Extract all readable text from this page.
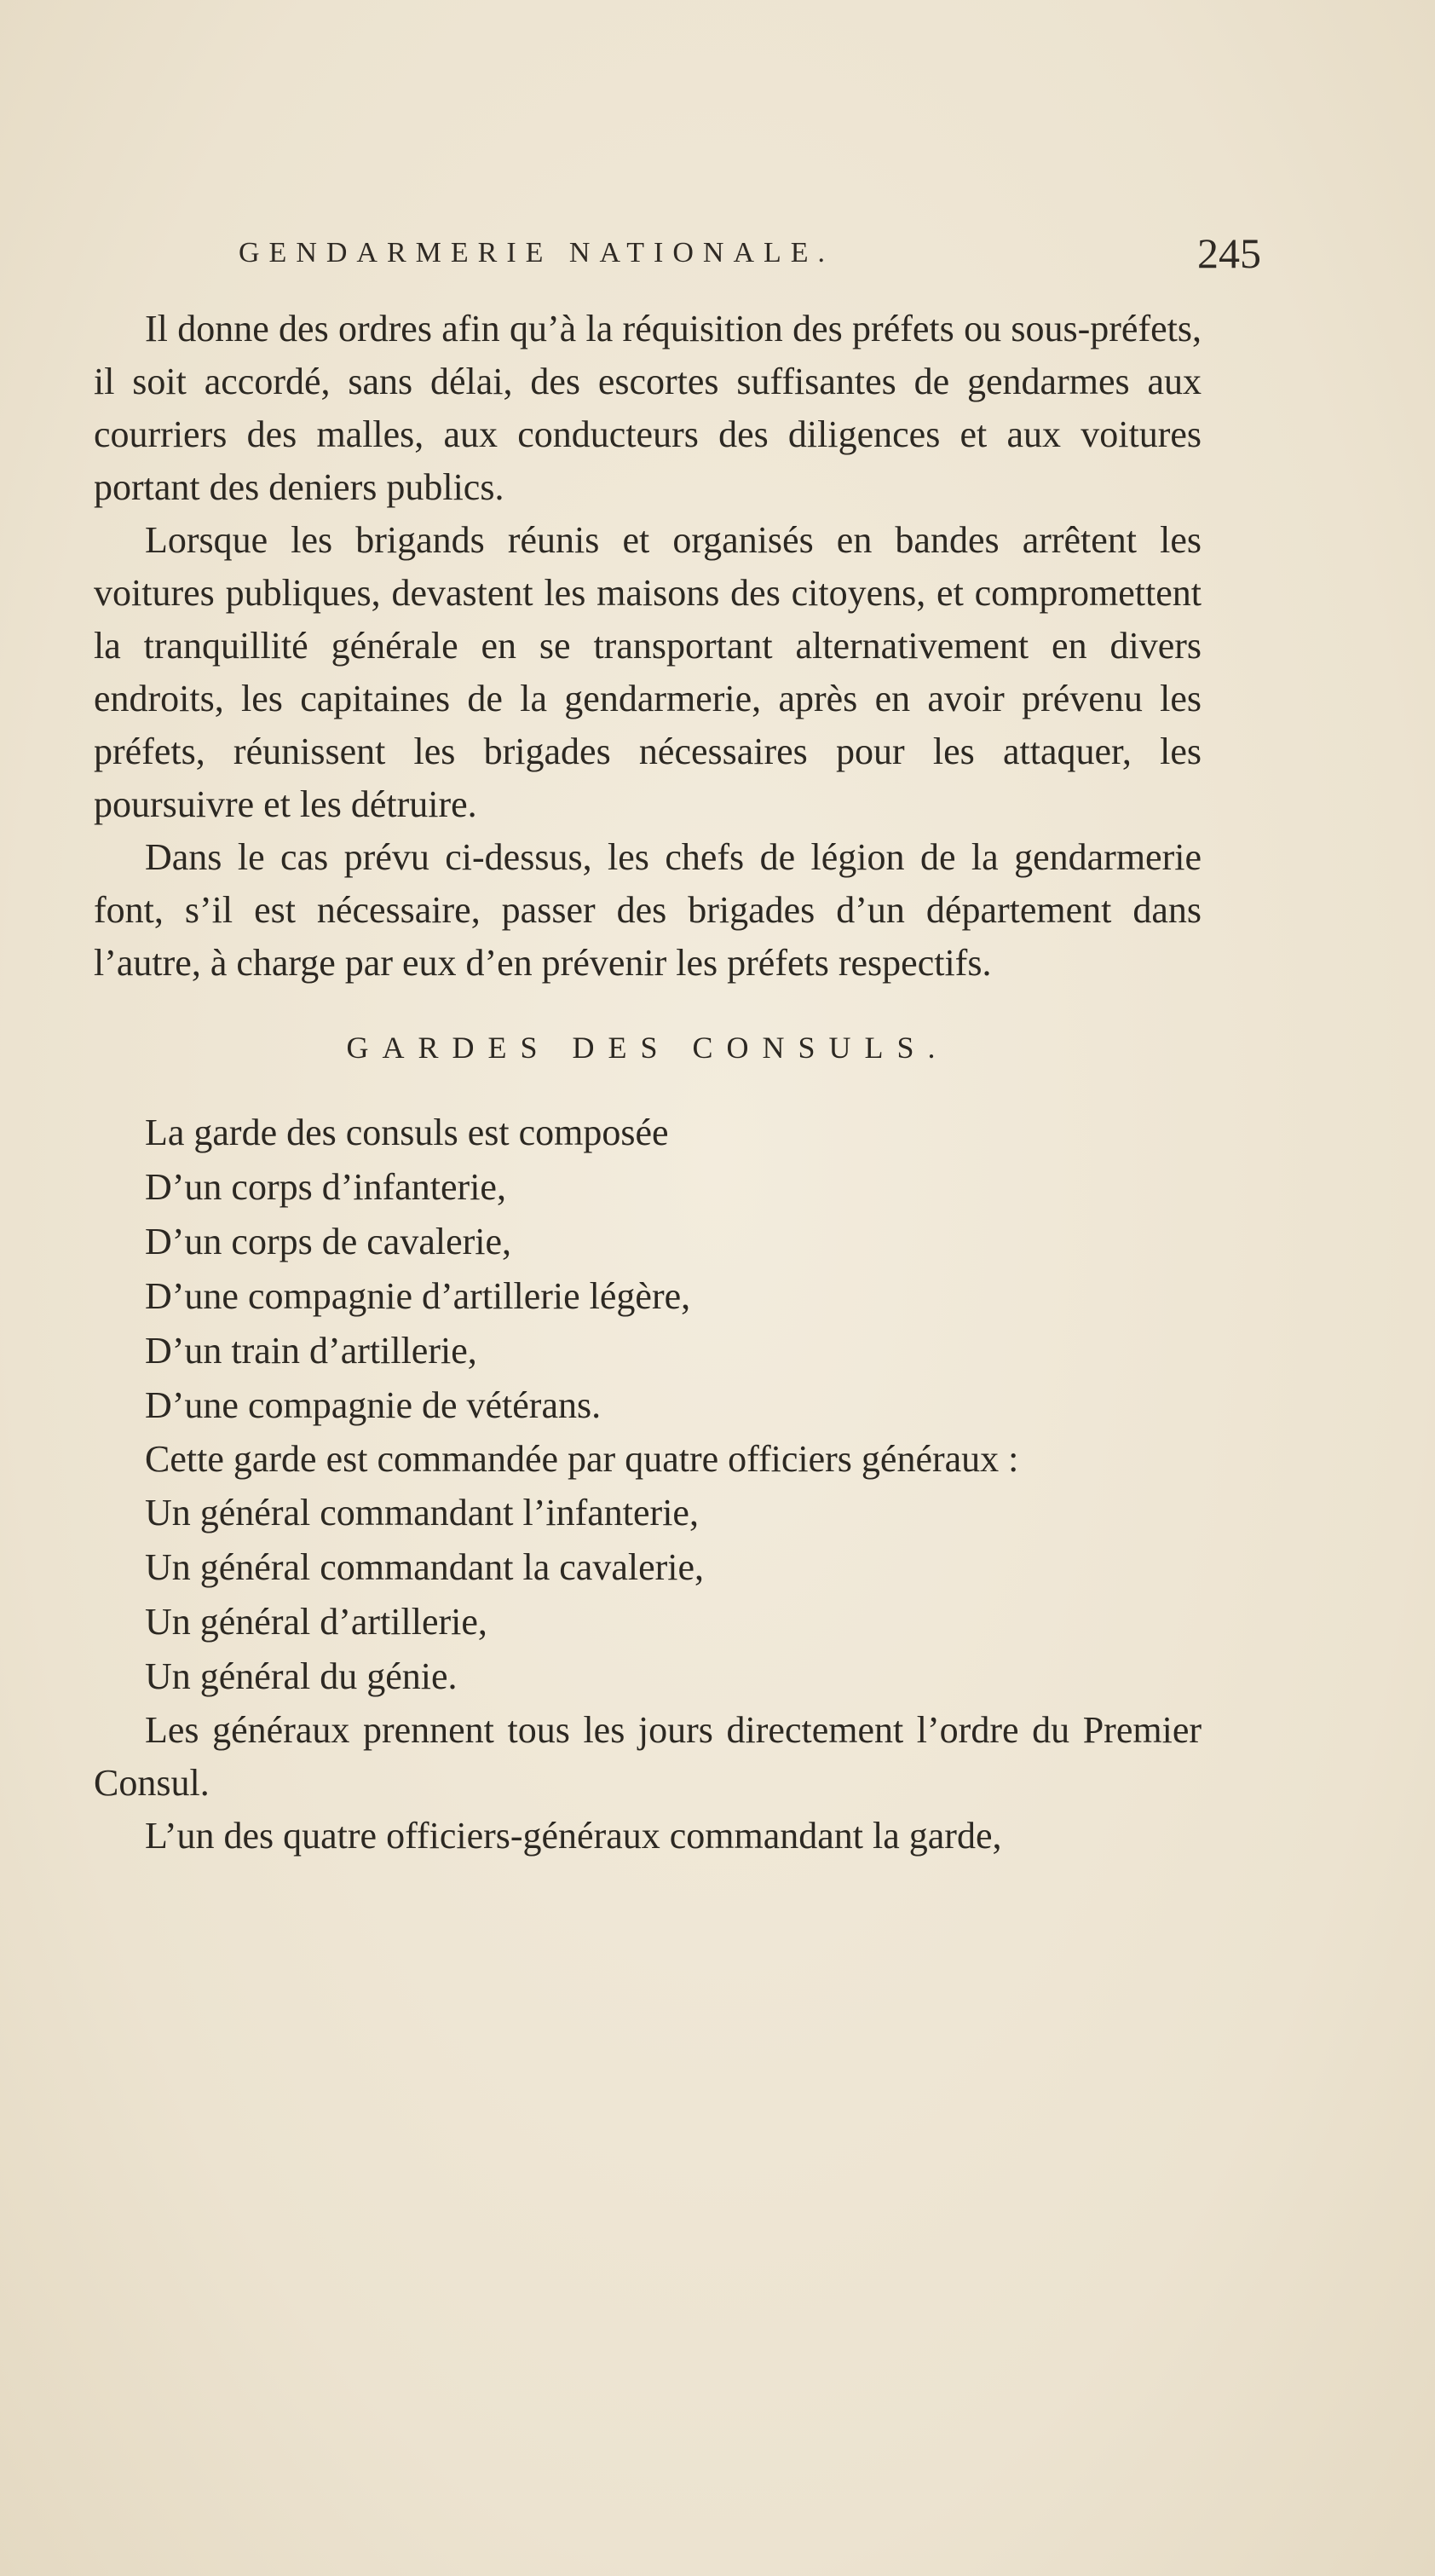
GENDARMERIE NATIONALE.	245

Il donne des ordres afin qu’à la réquisition des préfets ou sous-préfets, il soit accordé, sans délai, des escortes suffisantes de gendarmes aux courriers des malles, aux conducteurs des diligences et aux voitures portant des deniers publics.

Lorsque les brigands réunis et organisés en bandes arrêtent les voitures publiques, devastent les maisons des citoyens, et compromettent la tranquillité générale en se transportant alternativement en divers endroits, les capitaines de la gendarmerie, après en avoir prévenu les préfets, réunissent les brigades nécessaires pour les attaquer, les poursuivre et les détruire.

Dans le cas prévu ci-dessus, les chefs de légion de la gendarmerie font, s’il est nécessaire, passer des brigades d’un département dans l’autre, à charge par eux d’en prévenir les préfets respectifs.

GARDES DES CONSULS.

La garde des consuls est composée

D’un corps d’infanterie,

D’un corps de cavalerie,

D’une compagnie d’artillerie légère,

D’un train d’artillerie,

D’une compagnie de vétérans.

Cette garde est commandée par quatre officiers généraux :

Un général commandant l’infanterie,

Un général commandant la cavalerie,

Un général d’artillerie,

Un général du génie.

Les généraux prennent tous les jours directement l’ordre du Premier Consul.

L’un des quatre officiers-généraux commandant la garde,
